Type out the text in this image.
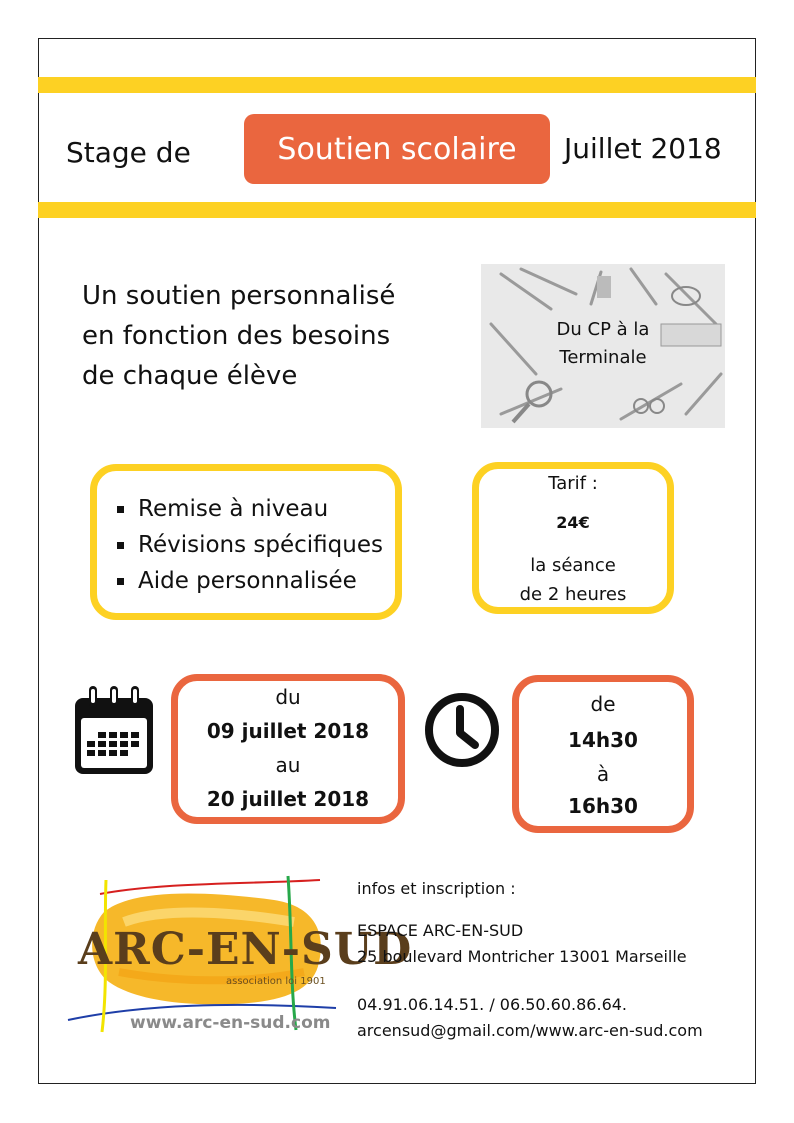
Stage de	Soutien scolaire Juillet 2018
Un soutien personnalisé
en fonction des besoins
de chaque élève
Du CP à la
Terminale
Remise à niveau
Révisions spécifiques
Aide personnalisée
Tarif :
24€
la séance
de 2 heures
du
09 juillet 2018
au
20 juillet 2018
de
14h30
à
16h30
ARC-EN-SUD
association loi 1901
www.arc-en-sud.com
infos et inscription :
ESPACE ARC-EN-SUD
25 boulevard Montricher 13001 Marseille
04.91.06.14.51. / 06.50.60.86.64.
arcensud@gmail.com/www.arc-en-sud.com
